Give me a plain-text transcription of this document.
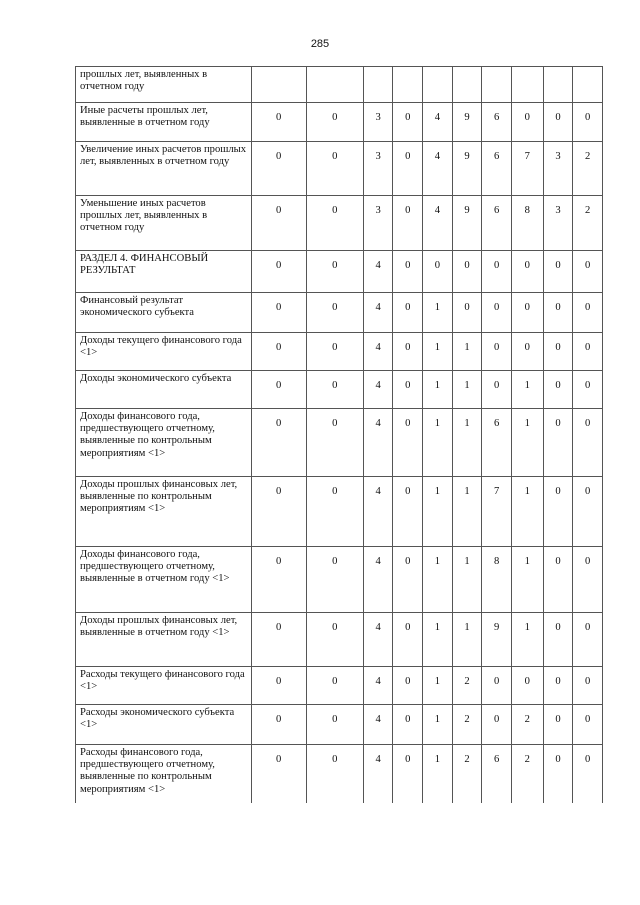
285
прошлых лет, выявленных в отчетном году										
Иные расчеты прошлых лет, выявленные в отчетном году	0	0	3	0	4	9	6	0	0	0
Увеличение иных расчетов прошлых лет, выявленных в отчетном году	0	0	3	0	4	9	6	7	3	2
Уменьшение иных расчетов прошлых лет, выявленных в отчетном году	0	0	3	0	4	9	6	8	3	2
РАЗДЕЛ 4. ФИНАНСОВЫЙ РЕЗУЛЬТАТ	0	0	4	0	0	0	0	0	0	0
Финансовый результат экономического субъекта	0	0	4	0	1	0	0	0	0	0
Доходы текущего финансового года <1>	0	0	4	0	1	1	0	0	0	0
Доходы экономического субъекта	0	0	4	0	1	1	0	1	0	0
Доходы финансового года, предшествующего отчетному, выявленные по контрольным мероприятиям <1>	0	0	4	0	1	1	6	1	0	0
Доходы прошлых финансовых лет, выявленные по контрольным мероприятиям <1>	0	0	4	0	1	1	7	1	0	0
Доходы финансового года, предшествующего отчетному, выявленные в отчетном году <1>	0	0	4	0	1	1	8	1	0	0
Доходы прошлых финансовых лет, выявленные в отчетном году <1>	0	0	4	0	1	1	9	1	0	0
Расходы текущего финансового года <1>	0	0	4	0	1	2	0	0	0	0
Расходы экономического субъекта <1>	0	0	4	0	1	2	0	2	0	0
Расходы финансового года, предшествующего отчетному, выявленные по контрольным мероприятиям <1>	0	0	4	0	1	2	6	2	0	0
